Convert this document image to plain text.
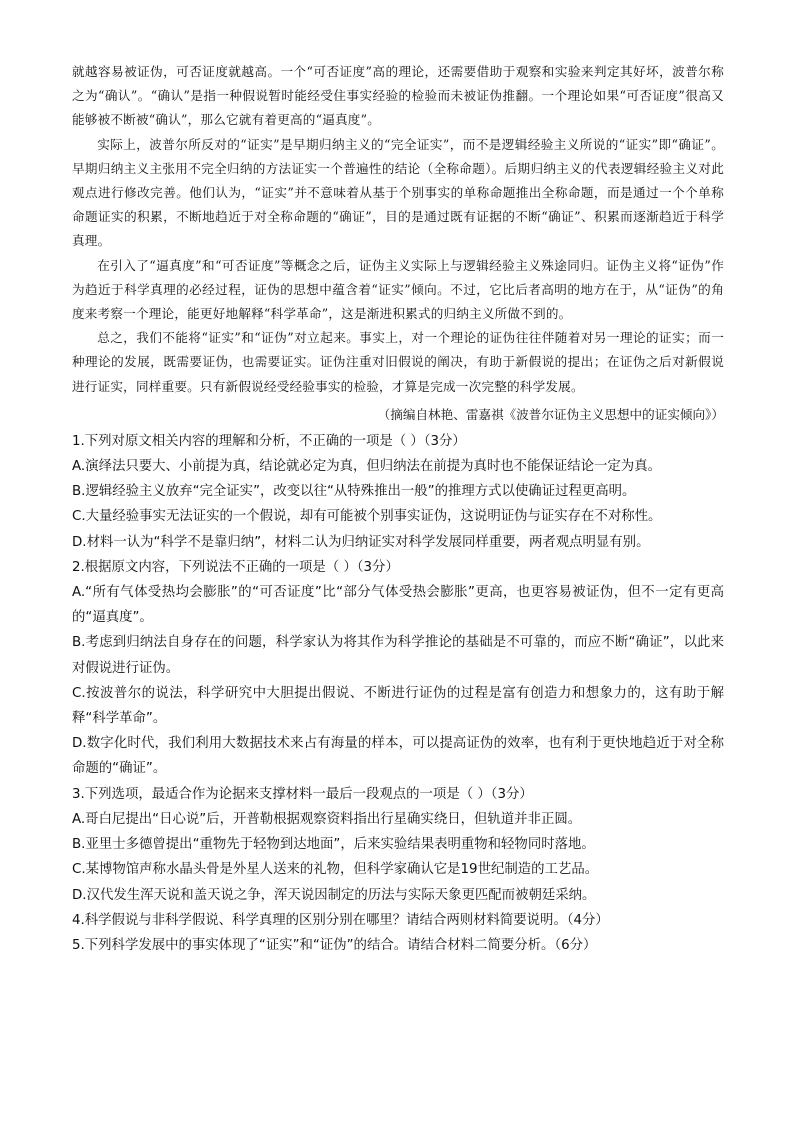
就越容易被证伪，可否证度就越高。一个“可否证度”高的理论，还需要借助于观察和实验来判定其好坏，波普尔称之为“确认”。“确认”是指一种假说暂时能经受住事实经验的检验而未被证伪推翻。一个理论如果“可否证度”很高又能够被不断被“确认”，那么它就有着更高的“逼真度”。

实际上，波普尔所反对的“证实”是早期归纳主义的“完全证实”，而不是逻辑经验主义所说的“证实”即“确证”。早期归纳主义主张用不完全归纳的方法证实一个普遍性的结论（全称命题）。后期归纳主义的代表逻辑经验主义对此观点进行修改完善。他们认为，“证实”并不意味着从基于个别事实的单称命题推出全称命题，而是通过一个个单称命题证实的积累，不断地趋近于对全称命题的“确证”，目的是通过既有证据的不断“确证”、积累而逐渐趋近于科学真理。

在引入了“逼真度”和“可否证度”等概念之后，证伪主义实际上与逻辑经验主义殊途同归。证伪主义将“证伪”作为趋近于科学真理的必经过程，证伪的思想中蕴含着“证实”倾向。不过，它比后者高明的地方在于，从“证伪”的角度来考察一个理论，能更好地解释“科学革命”，这是渐进积累式的归纳主义所做不到的。

总之，我们不能将“证实”和“证伪”对立起来。事实上，对一个理论的证伪往往伴随着对另一理论的证实；而一种理论的发展，既需要证伪，也需要证实。证伪注重对旧假说的阐决，有助于新假说的提出；在证伪之后对新假说进行证实，同样重要。只有新假说经受经验事实的检验，才算是完成一次完整的科学发展。

（摘编自林艳、雷嘉祺《波普尔证伪主义思想中的证实倾向》）

1.下列对原文相关内容的理解和分析，不正确的一项是（ ）（3分）

A.演绎法只要大、小前提为真，结论就必定为真，但归纳法在前提为真时也不能保证结论一定为真。

B.逻辑经验主义放弃“完全证实”，改变以往“从特殊推出一般”的推理方式以使确证过程更高明。

C.大量经验事实无法证实的一个假说，却有可能被个别事实证伪，这说明证伪与证实存在不对称性。

D.材料一认为“科学不是靠归纳”，材料二认为归纳证实对科学发展同样重要，两者观点明显有别。

2.根据原文内容，下列说法不正确的一项是（ ）（3分）

A.“所有气体受热均会膨胀”的“可否证度”比“部分气体受热会膨胀”更高，也更容易被证伪，但不一定有更高的“逼真度”。

B.考虑到归纳法自身存在的问题，科学家认为将其作为科学推论的基础是不可靠的，而应不断“确证”，以此来对假说进行证伪。

C.按波普尔的说法，科学研究中大胆提出假说、不断进行证伪的过程是富有创造力和想象力的，这有助于解释“科学革命”。

D.数字化时代，我们利用大数据技术来占有海量的样本，可以提高证伪的效率，也有利于更快地趋近于对全称命题的“确证”。

3.下列选项，最适合作为论据来支撑材料一最后一段观点的一项是（ ）（3分）

A.哥白尼提出“日心说”后，开普勒根据观察资料指出行星确实绕日，但轨道并非正圆。

B.亚里士多德曾提出“重物先于轻物到达地面”，后来实验结果表明重物和轻物同时落地。

C.某博物馆声称水晶头骨是外星人送来的礼物，但科学家确认它是19世纪制造的工艺品。

D.汉代发生浑天说和盖天说之争，浑天说因制定的历法与实际天象更匹配而被朝廷采纳。

4.科学假说与非科学假说、科学真理的区别分别在哪里？请结合两则材料简要说明。（4分）

5.下列科学发展中的事实体现了“证实”和“证伪”的结合。请结合材料二简要分析。（6分）
